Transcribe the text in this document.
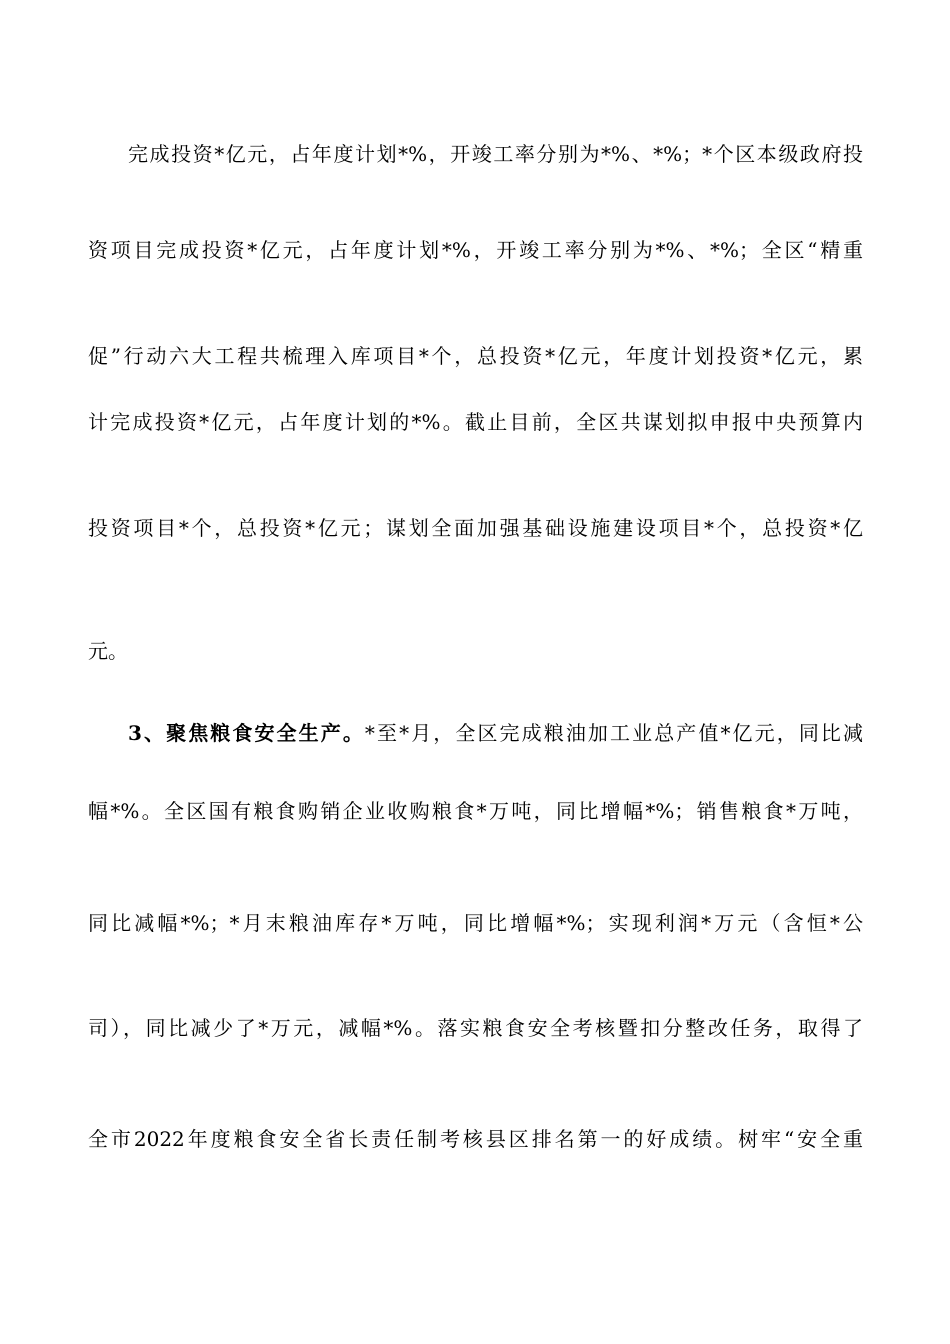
完成投资*亿元，占年度计划*%，开竣工率分别为*%、*%；*个区本级政府投
资项目完成投资*亿元，占年度计划*%，开竣工率分别为*%、*%；全区“精重
促”行动六大工程共梳理入库项目*个，总投资*亿元，年度计划投资*亿元，累
计完成投资*亿元，占年度计划的*%。截止目前，全区共谋划拟申报中央预算内
投资项目*个，总投资*亿元；谋划全面加强基础设施建设项目*个，总投资*亿
元。
3、聚焦粮食安全生产。*至*月，全区完成粮油加工业总产值*亿元，同比减
幅*%。全区国有粮食购销企业收购粮食*万吨，同比增幅*%；销售粮食*万吨，
同比减幅*%；*月末粮油库存*万吨，同比增幅*%；实现利润*万元（含恒*公
司），同比减少了*万元，减幅*%。落实粮食安全考核暨扣分整改任务，取得了
全市2022年度粮食安全省长责任制考核县区排名第一的好成绩。树牢“安全重
